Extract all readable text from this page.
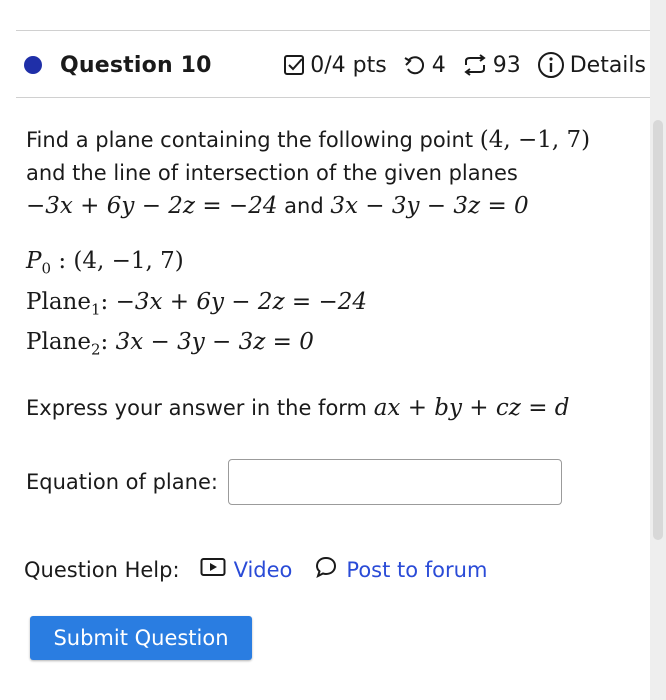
Question 10	0/4 pts 4 93 Details
Find a plane containing the following point (4, −1, 7)
and the line of intersection of the given planes
−3x + 6y − 2z = −24 and 3x − 3y − 3z = 0
$P_0$ : (4, −1, 7)
Plane$_1$: −3x + 6y − 2z = −24
Plane$_2$: 3x − 3y − 3z = 0
Express your answer in the form ax + by + cz = d
Equation of plane:
Question Help:	Video	Post to forum
Submit Question
